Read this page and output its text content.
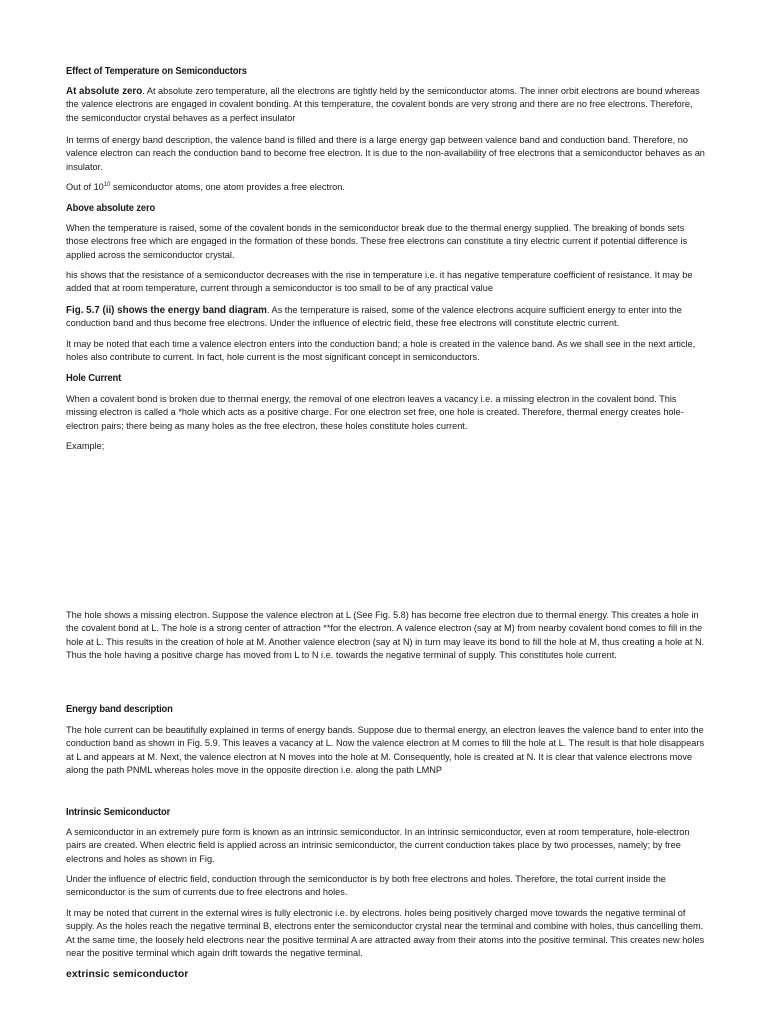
Effect of Temperature on Semiconductors

At absolute zero. At absolute zero temperature, all the electrons are tightly held by the semiconductor atoms. The inner orbit electrons are bound whereas the valence electrons are engaged in covalent bonding. At this temperature, the covalent bonds are very strong and there are no free electrons. Therefore, the semiconductor crystal behaves as a perfect insulator

In terms of energy band description, the valence band is filled and there is a large energy gap between valence band and conduction band. Therefore, no valence electron can reach the conduction band to become free electron. It is due to the non-availability of free electrons that a semiconductor behaves as an insulator.

Out of $10^{10}$ semiconductor atoms, one atom provides a free electron.

Above absolute zero

When the temperature is raised, some of the covalent bonds in the semiconductor break due to the thermal energy supplied. The breaking of bonds sets those electrons free which are engaged in the formation of these bonds. These free electrons can constitute a tiny electric current if potential difference is applied across the semiconductor crystal.

his shows that the resistance of a semiconductor decreases with the rise in temperature i.e. it has negative temperature coefficient of resistance. It may be added that at room temperature, current through a semiconductor is too small to be of any practical value

Fig. 5.7 (ii) shows the energy band diagram. As the temperature is raised, some of the valence electrons acquire sufficient energy to enter into the conduction band and thus become free electrons. Under the influence of electric field, these free electrons will constitute electric current.

It may be noted that each time a valence electron enters into the conduction band; a hole is created in the valence band. As we shall see in the next article, holes also contribute to current. In fact, hole current is the most significant concept in semiconductors.

Hole Current

When a covalent bond is broken due to thermal energy, the removal of one electron leaves a vacancy i.e. a missing electron in the covalent bond. This missing electron is called a *hole which acts as a positive charge. For one electron set free, one hole is created. Therefore, thermal energy creates hole-electron pairs; there being as many holes as the free electron, these holes constitute holes current.

Example;

The hole shows a missing electron. Suppose the valence electron at L (See Fig. 5.8) has become free electron due to thermal energy. This creates a hole in the covalent bond at L. The hole is a strong center of attraction **for the electron. A valence electron (say at M) from nearby covalent bond comes to fill in the hole at L. This results in the creation of hole at M. Another valence electron (say at N) in turn may leave its bond to fill the hole at M, thus creating a hole at N. Thus the hole having a positive charge has moved from L to N i.e. towards the negative terminal of supply. This constitutes hole current.

Energy band description

The hole current can be beautifully explained in terms of energy bands. Suppose due to thermal energy, an electron leaves the valence band to enter into the conduction band as shown in Fig. 5.9. This leaves a vacancy at L. Now the valence electron at M comes to fill the hole at L. The result is that hole disappears at L and appears at M. Next, the valence electron at N moves into the hole at M. Consequently, hole is created at N. It is clear that valence electrons move along the path PNML whereas holes move in the opposite direction i.e. along the path LMNP

Intrinsic Semiconductor

A semiconductor in an extremely pure form is known as an intrinsic semiconductor. In an intrinsic semiconductor, even at room temperature, hole-electron pairs are created. When electric field is applied across an intrinsic semiconductor, the current conduction takes place by two processes, namely; by free electrons and holes as shown in Fig.

Under the influence of electric field, conduction through the semiconductor is by both free electrons and holes. Therefore, the total current inside the semiconductor is the sum of currents due to free electrons and holes.

It may be noted that current in the external wires is fully electronic i.e. by electrons. holes being positively charged move towards the negative terminal of supply. As the holes reach the negative terminal B, electrons enter the semiconductor crystal near the terminal and combine with holes, thus cancelling them. At the same time, the loosely held electrons near the positive terminal A are attracted away from their atoms into the positive terminal. This creates new holes near the positive terminal which again drift towards the negative terminal.

extrinsic semiconductor
